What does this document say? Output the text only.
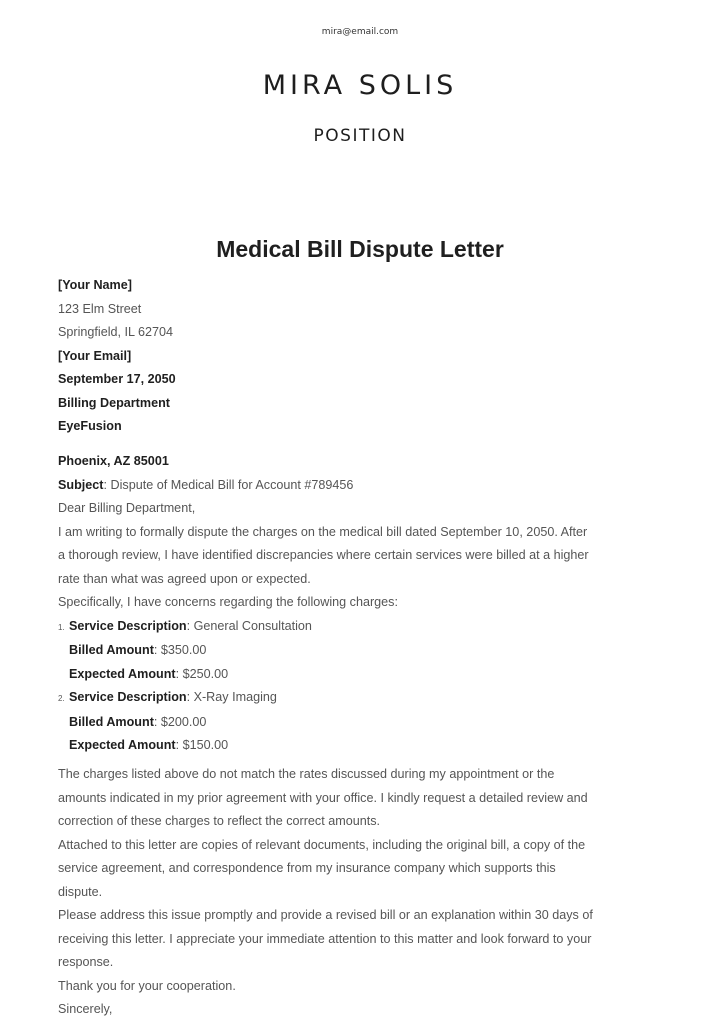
mira@email.com
MIRA SOLIS
POSITION
Medical Bill Dispute Letter
[Your Name]
123 Elm Street
Springfield, IL 62704
[Your Email]
September 17, 2050
Billing Department
EyeFusion
Phoenix, AZ 85001
Subject: Dispute of Medical Bill for Account #789456
Dear Billing Department,
I am writing to formally dispute the charges on the medical bill dated September 10, 2050. After
a thorough review, I have identified discrepancies where certain services were billed at a higher
rate than what was agreed upon or expected.
Specifically, I have concerns regarding the following charges:
1. Service Description: General Consultation
Billed Amount: $350.00
Expected Amount: $250.00
2. Service Description: X-Ray Imaging
Billed Amount: $200.00
Expected Amount: $150.00
The charges listed above do not match the rates discussed during my appointment or the
amounts indicated in my prior agreement with your office. I kindly request a detailed review and
correction of these charges to reflect the correct amounts.
Attached to this letter are copies of relevant documents, including the original bill, a copy of the
service agreement, and correspondence from my insurance company which supports this
dispute.
Please address this issue promptly and provide a revised bill or an explanation within 30 days of
receiving this letter. I appreciate your immediate attention to this matter and look forward to your
response.
Thank you for your cooperation.
Sincerely,
